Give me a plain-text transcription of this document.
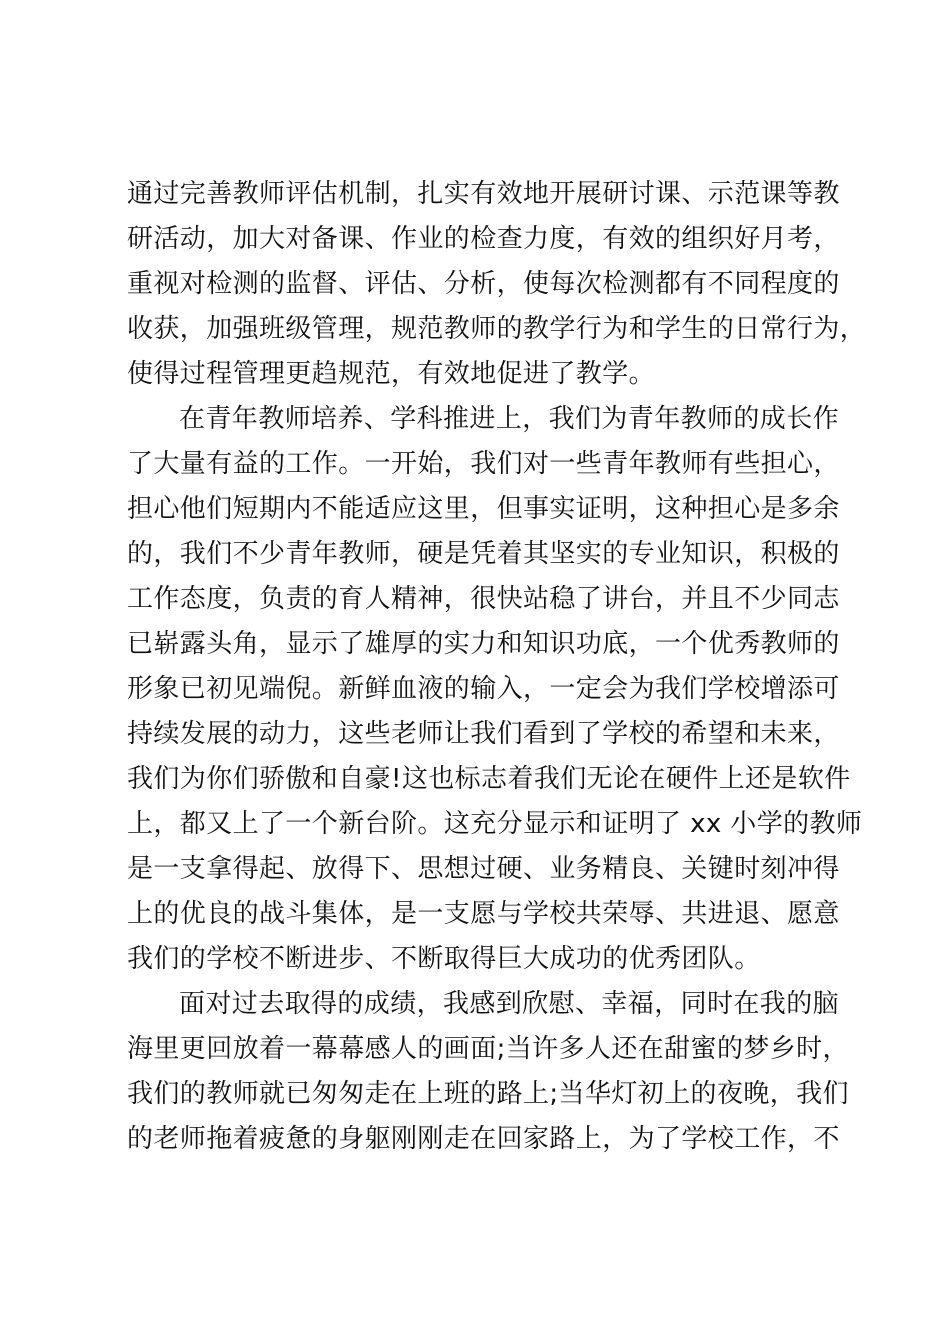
通过完善教师评估机制，扎实有效地开展研讨课、示范课等教
研活动，加大对备课、作业的检查力度，有效的组织好月考，
重视对检测的监督、评估、分析，使每次检测都有不同程度的
收获，加强班级管理，规范教师的教学行为和学生的日常行为，
使得过程管理更趋规范，有效地促进了教学。
在青年教师培养、学科推进上，我们为青年教师的成长作
了大量有益的工作。一开始，我们对一些青年教师有些担心，
担心他们短期内不能适应这里，但事实证明，这种担心是多余
的，我们不少青年教师，硬是凭着其坚实的专业知识，积极的
工作态度，负责的育人精神，很快站稳了讲台，并且不少同志
已崭露头角，显示了雄厚的实力和知识功底，一个优秀教师的
形象已初见端倪。新鲜血液的输入，一定会为我们学校增添可
持续发展的动力，这些老师让我们看到了学校的希望和未来，
我们为你们骄傲和自豪!这也标志着我们无论在硬件上还是软件
上，都又上了一个新台阶。这充分显示和证明了 xx 小学的教师
是一支拿得起、放得下、思想过硬、业务精良、关键时刻冲得
上的优良的战斗集体，是一支愿与学校共荣辱、共进退、愿意
我们的学校不断进步、不断取得巨大成功的优秀团队。
面对过去取得的成绩，我感到欣慰、幸福，同时在我的脑
海里更回放着一幕幕感人的画面;当许多人还在甜蜜的梦乡时，
我们的教师就已匆匆走在上班的路上;当华灯初上的夜晚，我们
的老师拖着疲惫的身躯刚刚走在回家路上，为了学校工作，不
